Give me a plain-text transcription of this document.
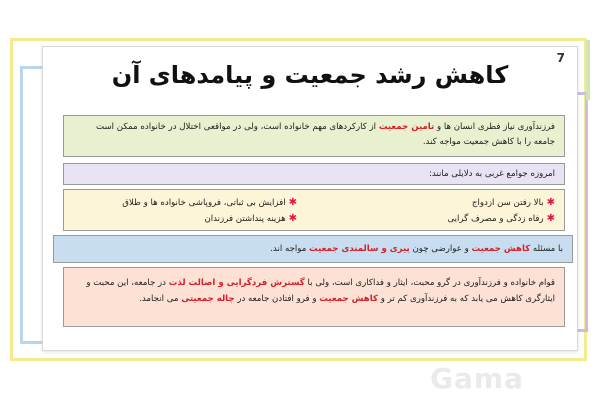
7
کاهش رشد جمعیت و پیامدهای آن
فرزندآوری نیاز فطری انسان ها و تامین جمعیت از کارکردهای مهم خانواده است، ولی در مواقعی اختلال در خانواده ممکن است جامعه را با کاهش جمعیت مواجه کند.
امروزه جوامع غربی به دلایلی مانند:
✱بالا رفتن سن ازدواج
✱رفاه زدگی و مصرف گرایی
✱افزایش بی ثباتی، فروپاشی خانواده ها و طلاق
✱هزینه پنداشتن فرزندان
با مسئله کاهش جمعیت و عوارضی چون پیری و سالمندی جمعیت مواجه اند.
قوام خانواده و فرزندآوری در گرو محبت، ایثار و فداکاری است، ولی با گسترش فردگرایی و اصالت لذت در جامعه، این محبت و ایثارگری کاهش می یابد که به فرزندآوری کم تر و کاهش جمعیت و فرو افتادن جامعه در چاله جمعیتی می انجامد.
Gama
